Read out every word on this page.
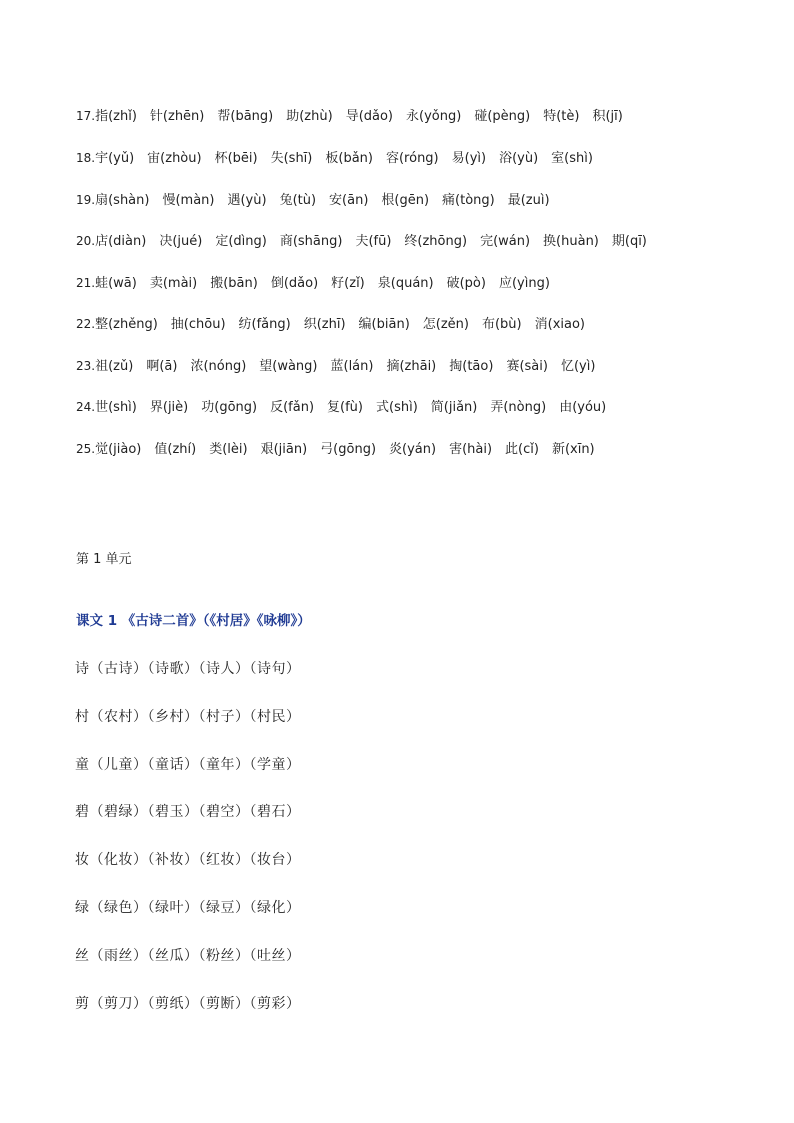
17.指(zhǐ) 针(zhēn) 帮(bāng) 助(zhù) 导(dǎo) 永(yǒng) 碰(pèng) 特(tè) 积(jī)
18.宇(yǔ) 宙(zhòu) 杯(bēi) 失(shī) 板(bǎn) 容(róng) 易(yì) 浴(yù) 室(shì)
19.扇(shàn) 慢(màn) 遇(yù) 兔(tù) 安(ān) 根(gēn) 痛(tòng) 最(zuì)
20.店(diàn) 决(jué) 定(dìng) 商(shāng) 夫(fū) 终(zhōng) 完(wán) 换(huàn) 期(qī)
21.蛙(wā) 卖(mài) 搬(bān) 倒(dǎo) 籽(zǐ) 泉(quán) 破(pò) 应(yìng)
22.整(zhěng) 抽(chōu) 纺(fǎng) 织(zhī) 编(biān) 怎(zěn) 布(bù) 消(xiao)
23.祖(zǔ) 啊(ā) 浓(nóng) 望(wàng) 蓝(lán) 摘(zhāi) 掏(tāo) 赛(sài) 忆(yì)
24.世(shì) 界(jiè) 功(gōng) 反(fǎn) 复(fù) 式(shì) 简(jiǎn) 弄(nòng) 由(yóu)
25.觉(jiào) 值(zhí) 类(lèi) 艰(jiān) 弓(gōng) 炎(yán) 害(hài) 此(cǐ) 新(xīn)
第 1 单元
课文 1 《古诗二首》（《村居》《咏柳》）
诗（古诗）（诗歌）（诗人）（诗句）
村（农村）（乡村）（村子）（村民）
童（儿童）（童话）（童年）（学童）
碧（碧绿）（碧玉）（碧空）（碧石）
妆（化妆）（补妆）（红妆）（妆台）
绿（绿色）（绿叶）（绿豆）（绿化）
丝（雨丝）（丝瓜）（粉丝）（吐丝）
剪（剪刀）（剪纸）（剪断）（剪彩）
